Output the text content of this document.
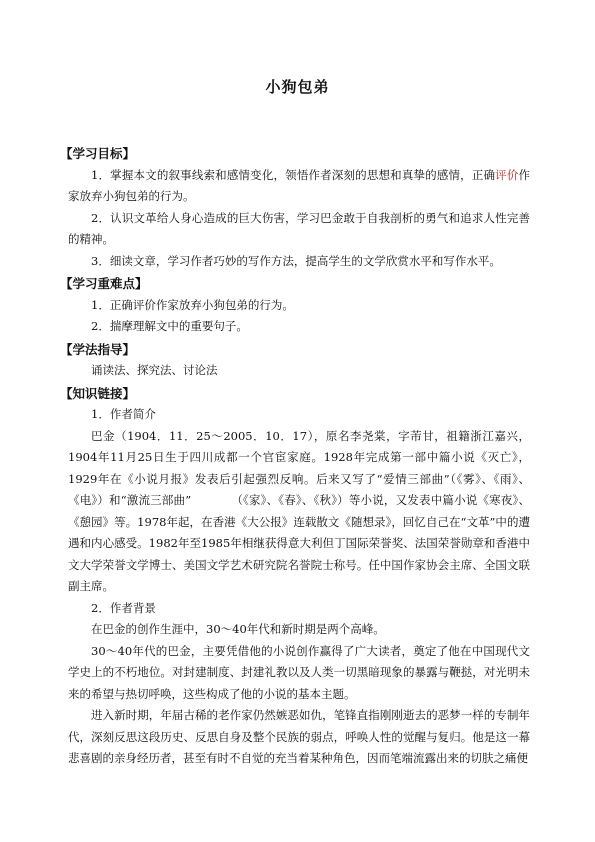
小狗包弟
【学习目标】
1．掌握本文的叙事线索和感情变化，领悟作者深刻的思想和真挚的感情，正确评价作家放弃小狗包弟的行为。
2．认识文革给人身心造成的巨大伤害，学习巴金敢于自我剖析的勇气和追求人性完善的精神。
3．细读文章，学习作者巧妙的写作方法，提高学生的文学欣赏水平和写作水平。
【学习重难点】
1．正确评价作家放弃小狗包弟的行为。
2．揣摩理解文中的重要句子。
【学法指导】
诵读法、探究法、讨论法
【知识链接】
1．作者简介
巴金（1904．11．25～2005．10．17），原名李尧棠，字芾甘，祖籍浙江嘉兴，1904年11月25日生于四川成都一个官宦家庭。1928年完成第一部中篇小说《灭亡》，1929年在《小说月报》发表后引起强烈反响。后来又写了“爱情三部曲”（《雾》、《雨》、《电》）和“激流三部曲”	（《家》、《春》、《秋》）等小说，又发表中篇小说《寒夜》、《憩园》等。1978年起，在香港《大公报》连载散文《随想录》，回忆自己在“文革”中的遭遇和内心感受。1982年至1985年相继获得意大利但丁国际荣誉奖、法国荣誉勋章和香港中文大学荣誉文学博士、美国文学艺术研究院名誉院士称号。任中国作家协会主席、全国文联副主席。
2．作者背景
在巴金的创作生涯中，30～40年代和新时期是两个高峰。
30～40年代的巴金，主要凭借他的小说创作赢得了广大读者，奠定了他在中国现代文学史上的不朽地位。对封建制度、封建礼教以及人类一切黑暗现象的暴露与鞭挞，对光明未来的希望与热切呼唤，这些构成了他的小说的基本主题。
进入新时期，年届古稀的老作家仍然嫉恶如仇，笔锋直指刚刚逝去的恶梦一样的专制年代，深刻反思这段历史、反思自身及整个民族的弱点，呼唤人性的觉醒与复归。他是这一幕悲喜剧的亲身经历者，甚至有时不自觉的充当着某种角色，因而笔端流露出来的切肤之痛便
